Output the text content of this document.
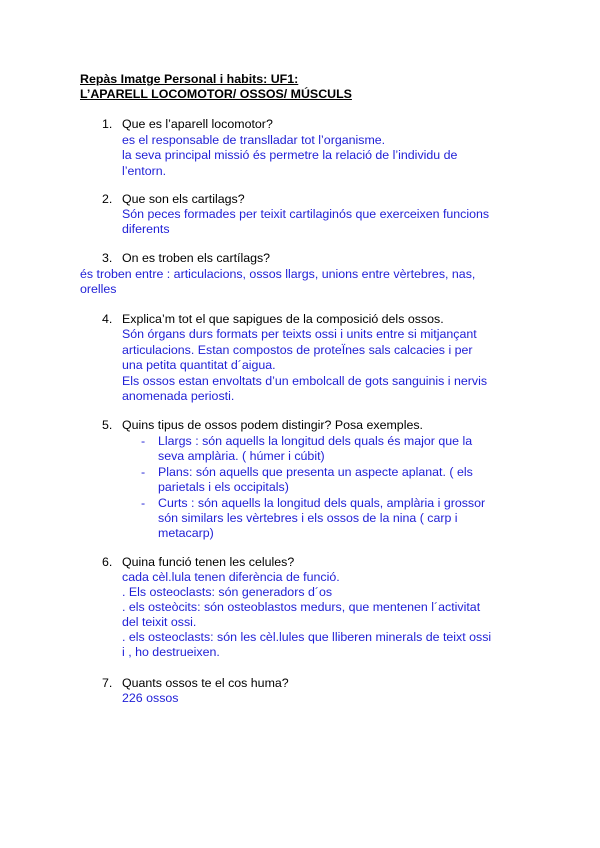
Repàs Imatge Personal i habits: UF1:
L’APARELL LOCOMOTOR/ OSSOS/ MÚSCULS
1. Que es l’aparell locomotor?
es el responsable de translladar tot l’organisme.
la seva principal missió és permetre la relació de l’individu de
l’entorn.
2. Que son els cartilags?
Són peces formades per teixit cartilaginós que exerceixen funcions
diferents
3. On es troben els cartílags?
és troben entre : articulacions, ossos llargs, unions entre vèrtebres, nas,
orelles
4. Explica’m tot el que sapigues de la composició dels ossos.
Són órgans durs formats per teixts ossi i units entre si mitjançant
articulacions. Estan compostos de proteÏnes sals calcacies i per
una petita quantitat d´aigua.
Els ossos estan envoltats d’un embolcall de gots sanguinis i nervis
anomenada periosti.
5. Quins tipus de ossos podem distingir? Posa exemples.
- Llargs : són aquells la longitud dels quals és major que la
seva amplària. ( húmer i cúbit)
- Plans: són aquells que presenta un aspecte aplanat. ( els
parietals i els occipitals)
- Curts : són aquells la longitud dels quals, amplària i grossor
són similars les vèrtebres i els ossos de la nina ( carp i
metacarp)
6. Quina funció tenen les celules?
cada cèl.lula tenen diferència de funció.
. Els osteoclasts: són generadors d´os
. els osteòcits: són osteoblastos medurs, que mentenen l´activitat
del teixit ossi.
. els osteoclasts: són les cèl.lules que lliberen minerals de teixt ossi
i , ho destrueixen.
7. Quants ossos te el cos huma?
226 ossos
